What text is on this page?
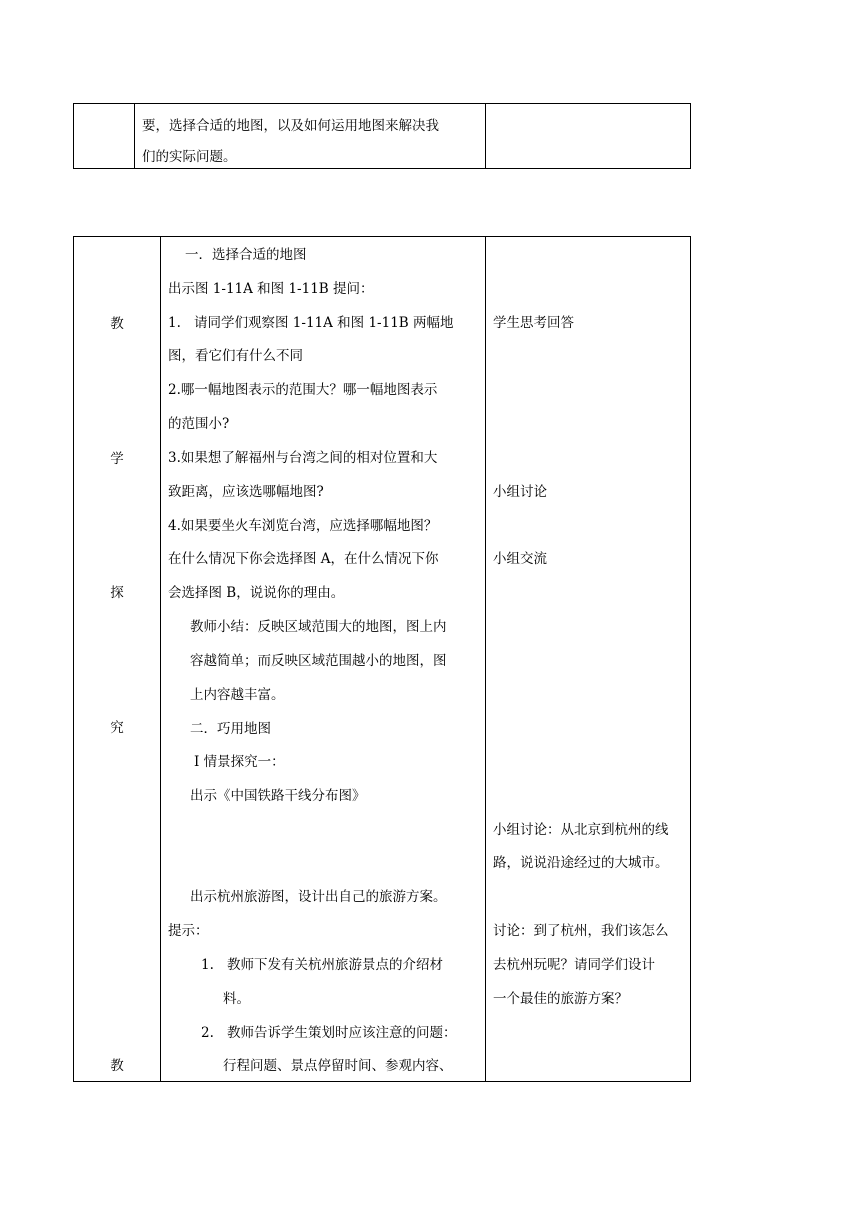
要，选择合适的地图，以及如何运用地图来解决我
们的实际问题。
教
学
探
究
教
一．选择合适的地图
出示图 1-11A 和图 1-11B 提问：
1. 请同学们观察图 1-11A 和图 1-11B 两幅地
图，看它们有什么不同
2.哪一幅地图表示的范围大？哪一幅地图表示
的范围小?
3.如果想了解福州与台湾之间的相对位置和大
致距离，应该选哪幅地图?
4.如果要坐火车浏览台湾，应选择哪幅地图？
在什么情况下你会选择图 A，在什么情况下你
会选择图 B，说说你的理由。
教师小结：反映区域范围大的地图，图上内
容越简单；而反映区域范围越小的地图，图
上内容越丰富。
二．巧用地图
I 情景探究一：
出示《中国铁路干线分布图》
出示杭州旅游图，设计出自己的旅游方案。
提示：
1. 教师下发有关杭州旅游景点的介绍材
料。
2. 教师告诉学生策划时应该注意的问题：
行程问题、景点停留时间、参观内容、
学生思考回答
小组讨论
小组交流
小组讨论：从北京到杭州的线
路，说说沿途经过的大城市。
讨论：到了杭州，我们该怎么
去杭州玩呢？请同学们设计
一个最佳的旅游方案？
